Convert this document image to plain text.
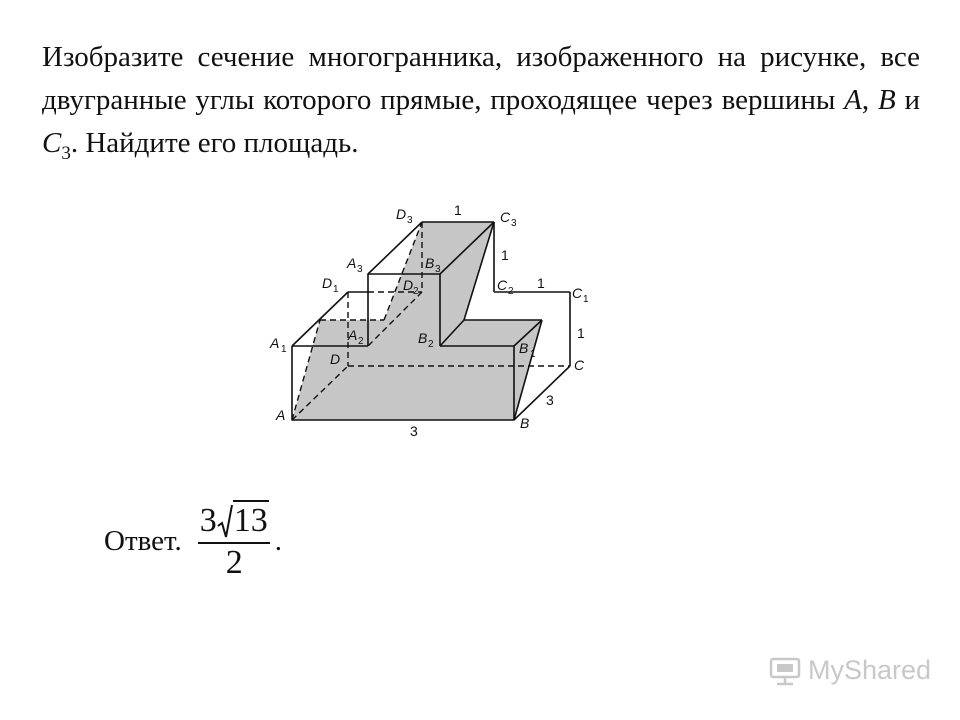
Изобразите сечение многогранника, изображенного на рисунке, все двугранные углы которого прямые, проходящее через вершины A, B и $C_3$. Найдите его площадь.

A	B
C
D
A 1	B 1
C 1
D 1
A 2	B 2
C 2
D 2
A 3	B 3
C 3
D 3
3
3
1
1
1
1
Ответ. $\frac{3 13}{2}$ .
MyShared
